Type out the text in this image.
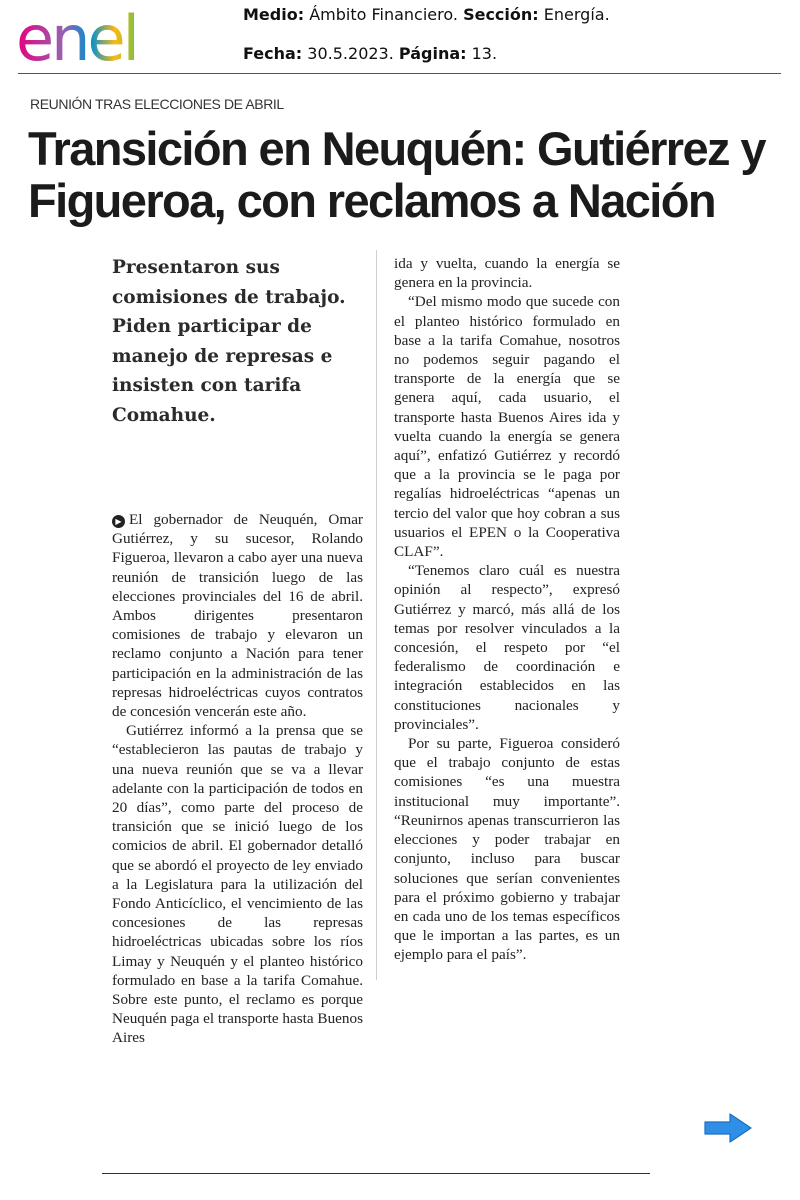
enel	Medio: Ámbito Financiero. Sección: Energía.
Fecha: 30.5.2023. Página: 13.
REUNIÓN TRAS ELECCIONES DE ABRIL
Transición en Neuquén: Gutiérrez y Figueroa, con reclamos a Nación

Presentaron sus comisiones de trabajo. Piden participar de manejo de represas e insisten con tarifa Comahue.

▶ El gobernador de Neuquén, Omar Gutiérrez, y su sucesor, Rolando Figueroa, llevaron a cabo ayer una nueva reunión de transición luego de las elecciones provinciales del 16 de abril. Ambos dirigentes presentaron comisiones de trabajo y elevaron un reclamo conjunto a Nación para tener participación en la administración de las represas hidroeléctricas cuyos contratos de concesión vencerán este año.

Gutiérrez informó a la prensa que se “establecieron las pautas de trabajo y una nueva reunión que se va a llevar adelante con la participación de todos en 20 días”, como parte del proceso de transición que se inició luego de los comicios de abril. El gobernador detalló que se abordó el proyecto de ley enviado a la Legislatura para la utilización del Fondo Anticíclico, el vencimiento de las concesiones de las represas hidroeléctricas ubicadas sobre los ríos Limay y Neuquén y el planteo histórico formulado en base a la tarifa Comahue. Sobre este punto, el reclamo es porque Neuquén paga el transporte hasta Buenos Aires

ida y vuelta, cuando la energía se genera en la provincia.

“Del mismo modo que sucede con el planteo histórico formulado en base a la tarifa Comahue, nosotros no podemos seguir pagando el transporte de la energía que se genera aquí, cada usuario, el transporte hasta Buenos Aires ida y vuelta cuando la energía se genera aquí”, enfatizó Gutiérrez y recordó que a la provincia se le paga por regalías hidroeléctricas “apenas un tercio del valor que hoy cobran a sus usuarios el EPEN o la Cooperativa CLAF”.

“Tenemos claro cuál es nuestra opinión al respecto”, expresó Gutiérrez y marcó, más allá de los temas por resolver vinculados a la concesión, el respeto por “el federalismo de coordinación e integración establecidos en las constituciones nacionales y provinciales”.

Por su parte, Figueroa consideró que el trabajo conjunto de estas comisiones “es una muestra institucional muy importante”. “Reunirnos apenas transcurrieron las elecciones y poder trabajar en conjunto, incluso para buscar soluciones que serían convenientes para el próximo gobierno y trabajar en cada uno de los temas específicos que le importan a las partes, es un ejemplo para el país”.
